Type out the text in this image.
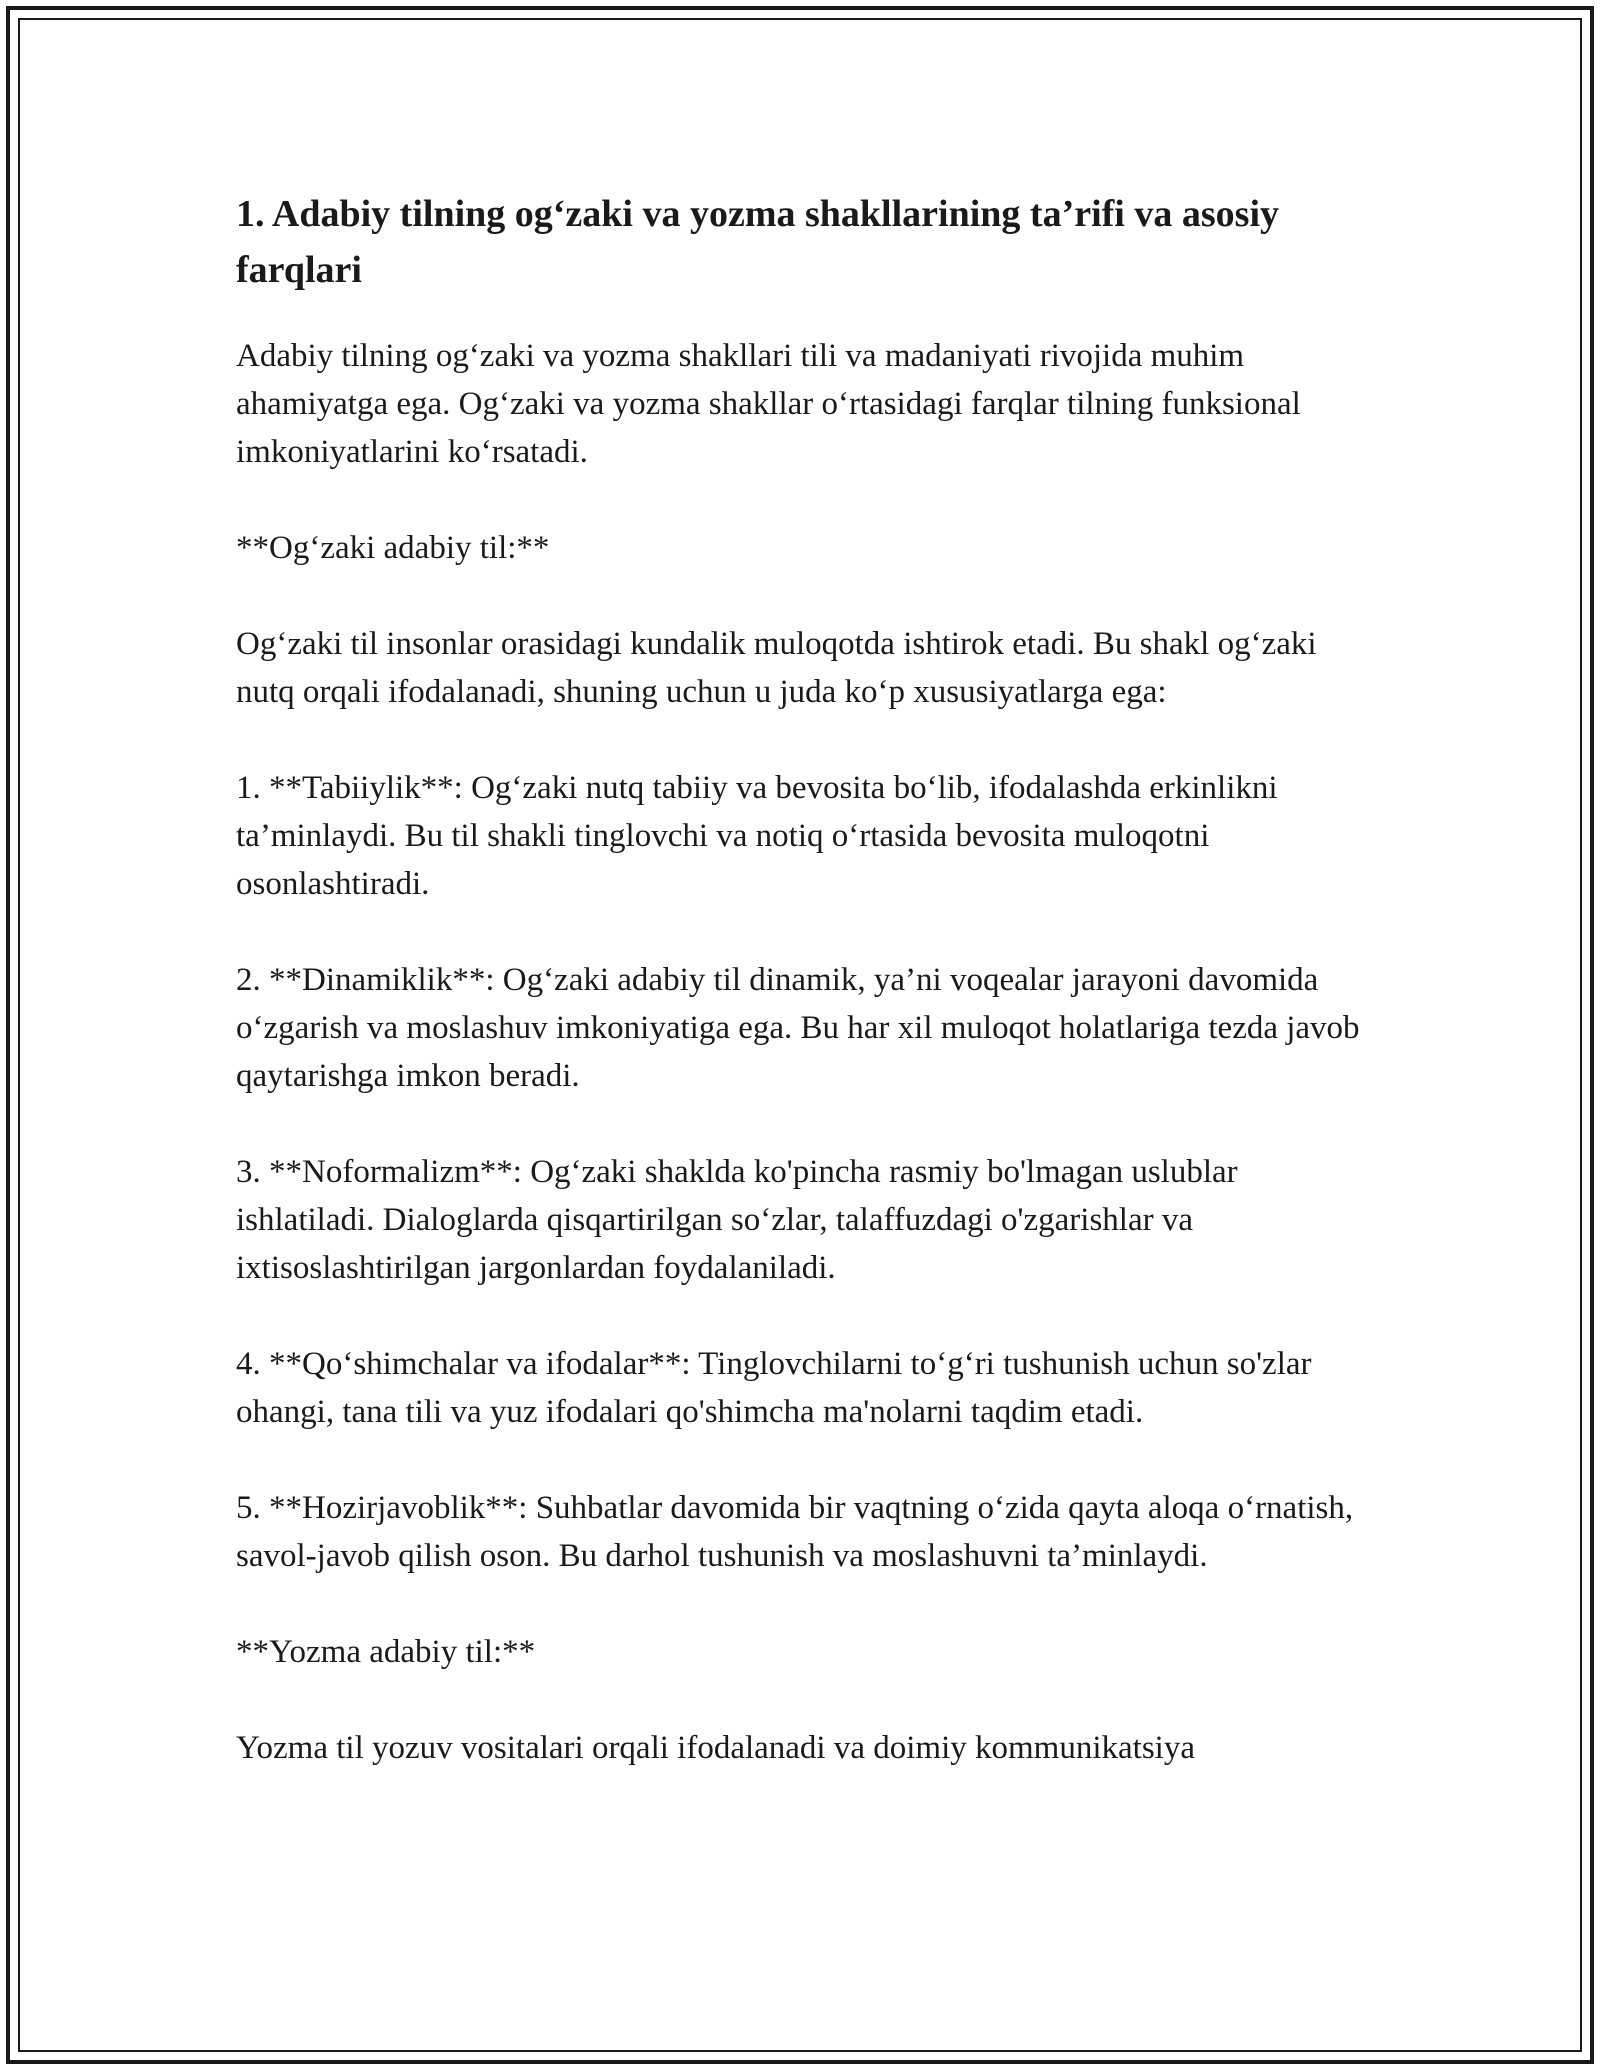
1. Adabiy tilning og‘zaki va yozma shakllarining ta’rifi va asosiy farqlari

Adabiy tilning og‘zaki va yozma shakllari tili va madaniyati rivojida muhim ahamiyatga ega. Og‘zaki va yozma shakllar o‘rtasidagi farqlar tilning funksional imkoniyatlarini ko‘rsatadi.

**Og‘zaki adabiy til:**

Og‘zaki til insonlar orasidagi kundalik muloqotda ishtirok etadi. Bu shakl og‘zaki nutq orqali ifodalanadi, shuning uchun u juda ko‘p xususiyatlarga ega:

1. **Tabiiylik**: Og‘zaki nutq tabiiy va bevosita bo‘lib, ifodalashda erkinlikni ta’minlaydi. Bu til shakli tinglovchi va notiq o‘rtasida bevosita muloqotni osonlashtiradi.

2. **Dinamiklik**: Og‘zaki adabiy til dinamik, ya’ni voqealar jarayoni davomida o‘zgarish va moslashuv imkoniyatiga ega. Bu har xil muloqot holatlariga tezda javob qaytarishga imkon beradi.

3. **Noformalizm**: Og‘zaki shaklda ko'pincha rasmiy bo'lmagan uslublar ishlatiladi. Dialoglarda qisqartirilgan so‘zlar, talaffuzdagi o'zgarishlar va ixtisoslashtirilgan jargonlardan foydalaniladi.

4. **Qo‘shimchalar va ifodalar**: Tinglovchilarni to‘g‘ri tushunish uchun so'zlar ohangi, tana tili va yuz ifodalari qo'shimcha ma'nolarni taqdim etadi.

5. **Hozirjavoblik**: Suhbatlar davomida bir vaqtning o‘zida qayta aloqa o‘rnatish, savol-javob qilish oson. Bu darhol tushunish va moslashuvni ta’minlaydi.

**Yozma adabiy til:**

Yozma til yozuv vositalari orqali ifodalanadi va doimiy kommunikatsiya
